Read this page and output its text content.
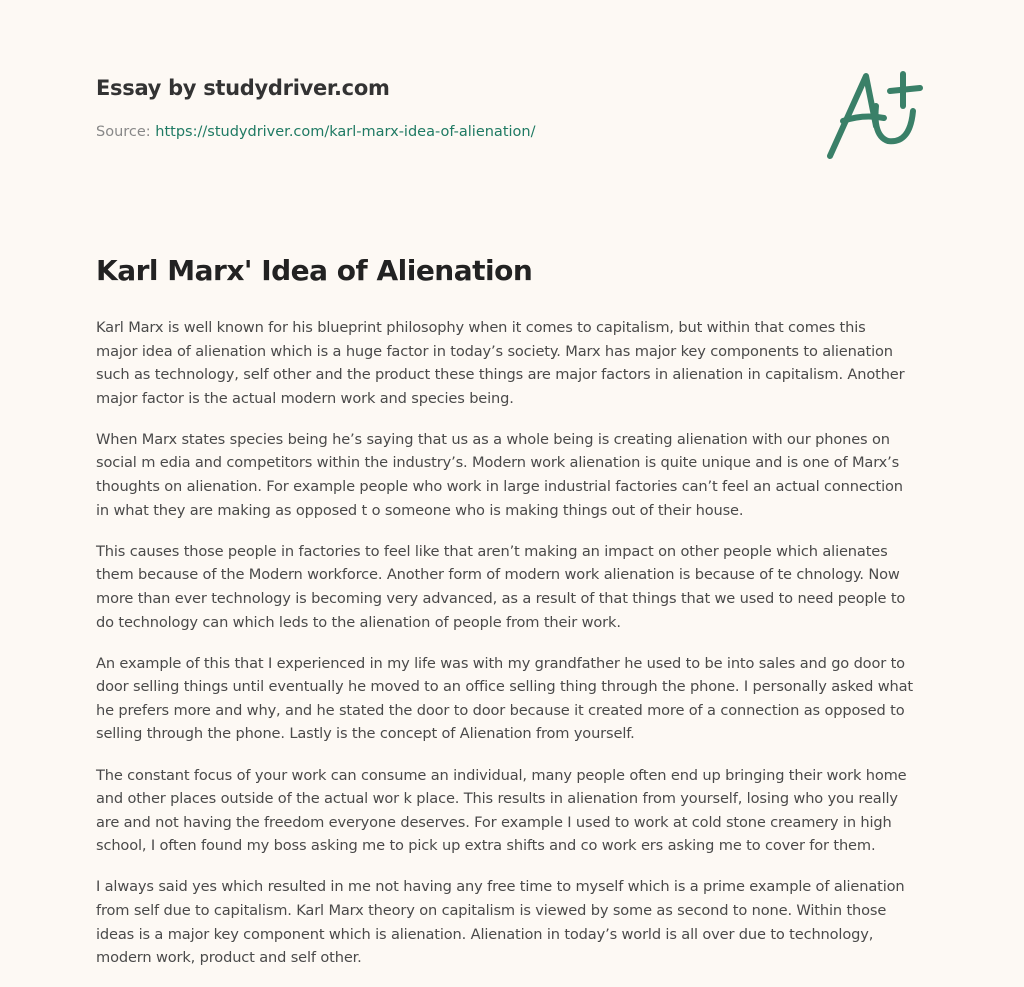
Essay by studydriver.com
Source: https://studydriver.com/karl-marx-idea-of-alienation/
Karl Marx' Idea of Alienation

Karl Marx is well known for his blueprint philosophy when it comes to capitalism, but within that comes this
major idea of alienation which is a huge factor in today’s society. Marx has major key components to alienation
such as technology, self other and the product these things are major factors in alienation in capitalism. Another
major factor is the actual modern work and species being.

When Marx states species being he’s saying that us as a whole being is creating alienation with our phones on
social m edia and competitors within the industry’s. Modern work alienation is quite unique and is one of Marx’s
thoughts on alienation. For example people who work in large industrial factories can’t feel an actual connection
in what they are making as opposed t o someone who is making things out of their house.

This causes those people in factories to feel like that aren’t making an impact on other people which alienates
them because of the Modern workforce. Another form of modern work alienation is because of te chnology. Now
more than ever technology is becoming very advanced, as a result of that things that we used to need people to
do technology can which leds to the alienation of people from their work.

An example of this that I experienced in my life was with my grandfather he used to be into sales and go door to
door selling things until eventually he moved to an office selling thing through the phone. I personally asked what
he prefers more and why, and he stated the door to door because it created more of a connection as opposed to
selling through the phone. Lastly is the concept of Alienation from yourself.

The constant focus of your work can consume an individual, many people often end up bringing their work home
and other places outside of the actual wor k place. This results in alienation from yourself, losing who you really
are and not having the freedom everyone deserves. For example I used to work at cold stone creamery in high
school, I often found my boss asking me to pick up extra shifts and co work ers asking me to cover for them.

I always said yes which resulted in me not having any free time to myself which is a prime example of alienation
from self due to capitalism. Karl Marx theory on capitalism is viewed by some as second to none. Within those
ideas is a major key component which is alienation. Alienation in today’s world is all over due to technology,
modern work, product and self other.
